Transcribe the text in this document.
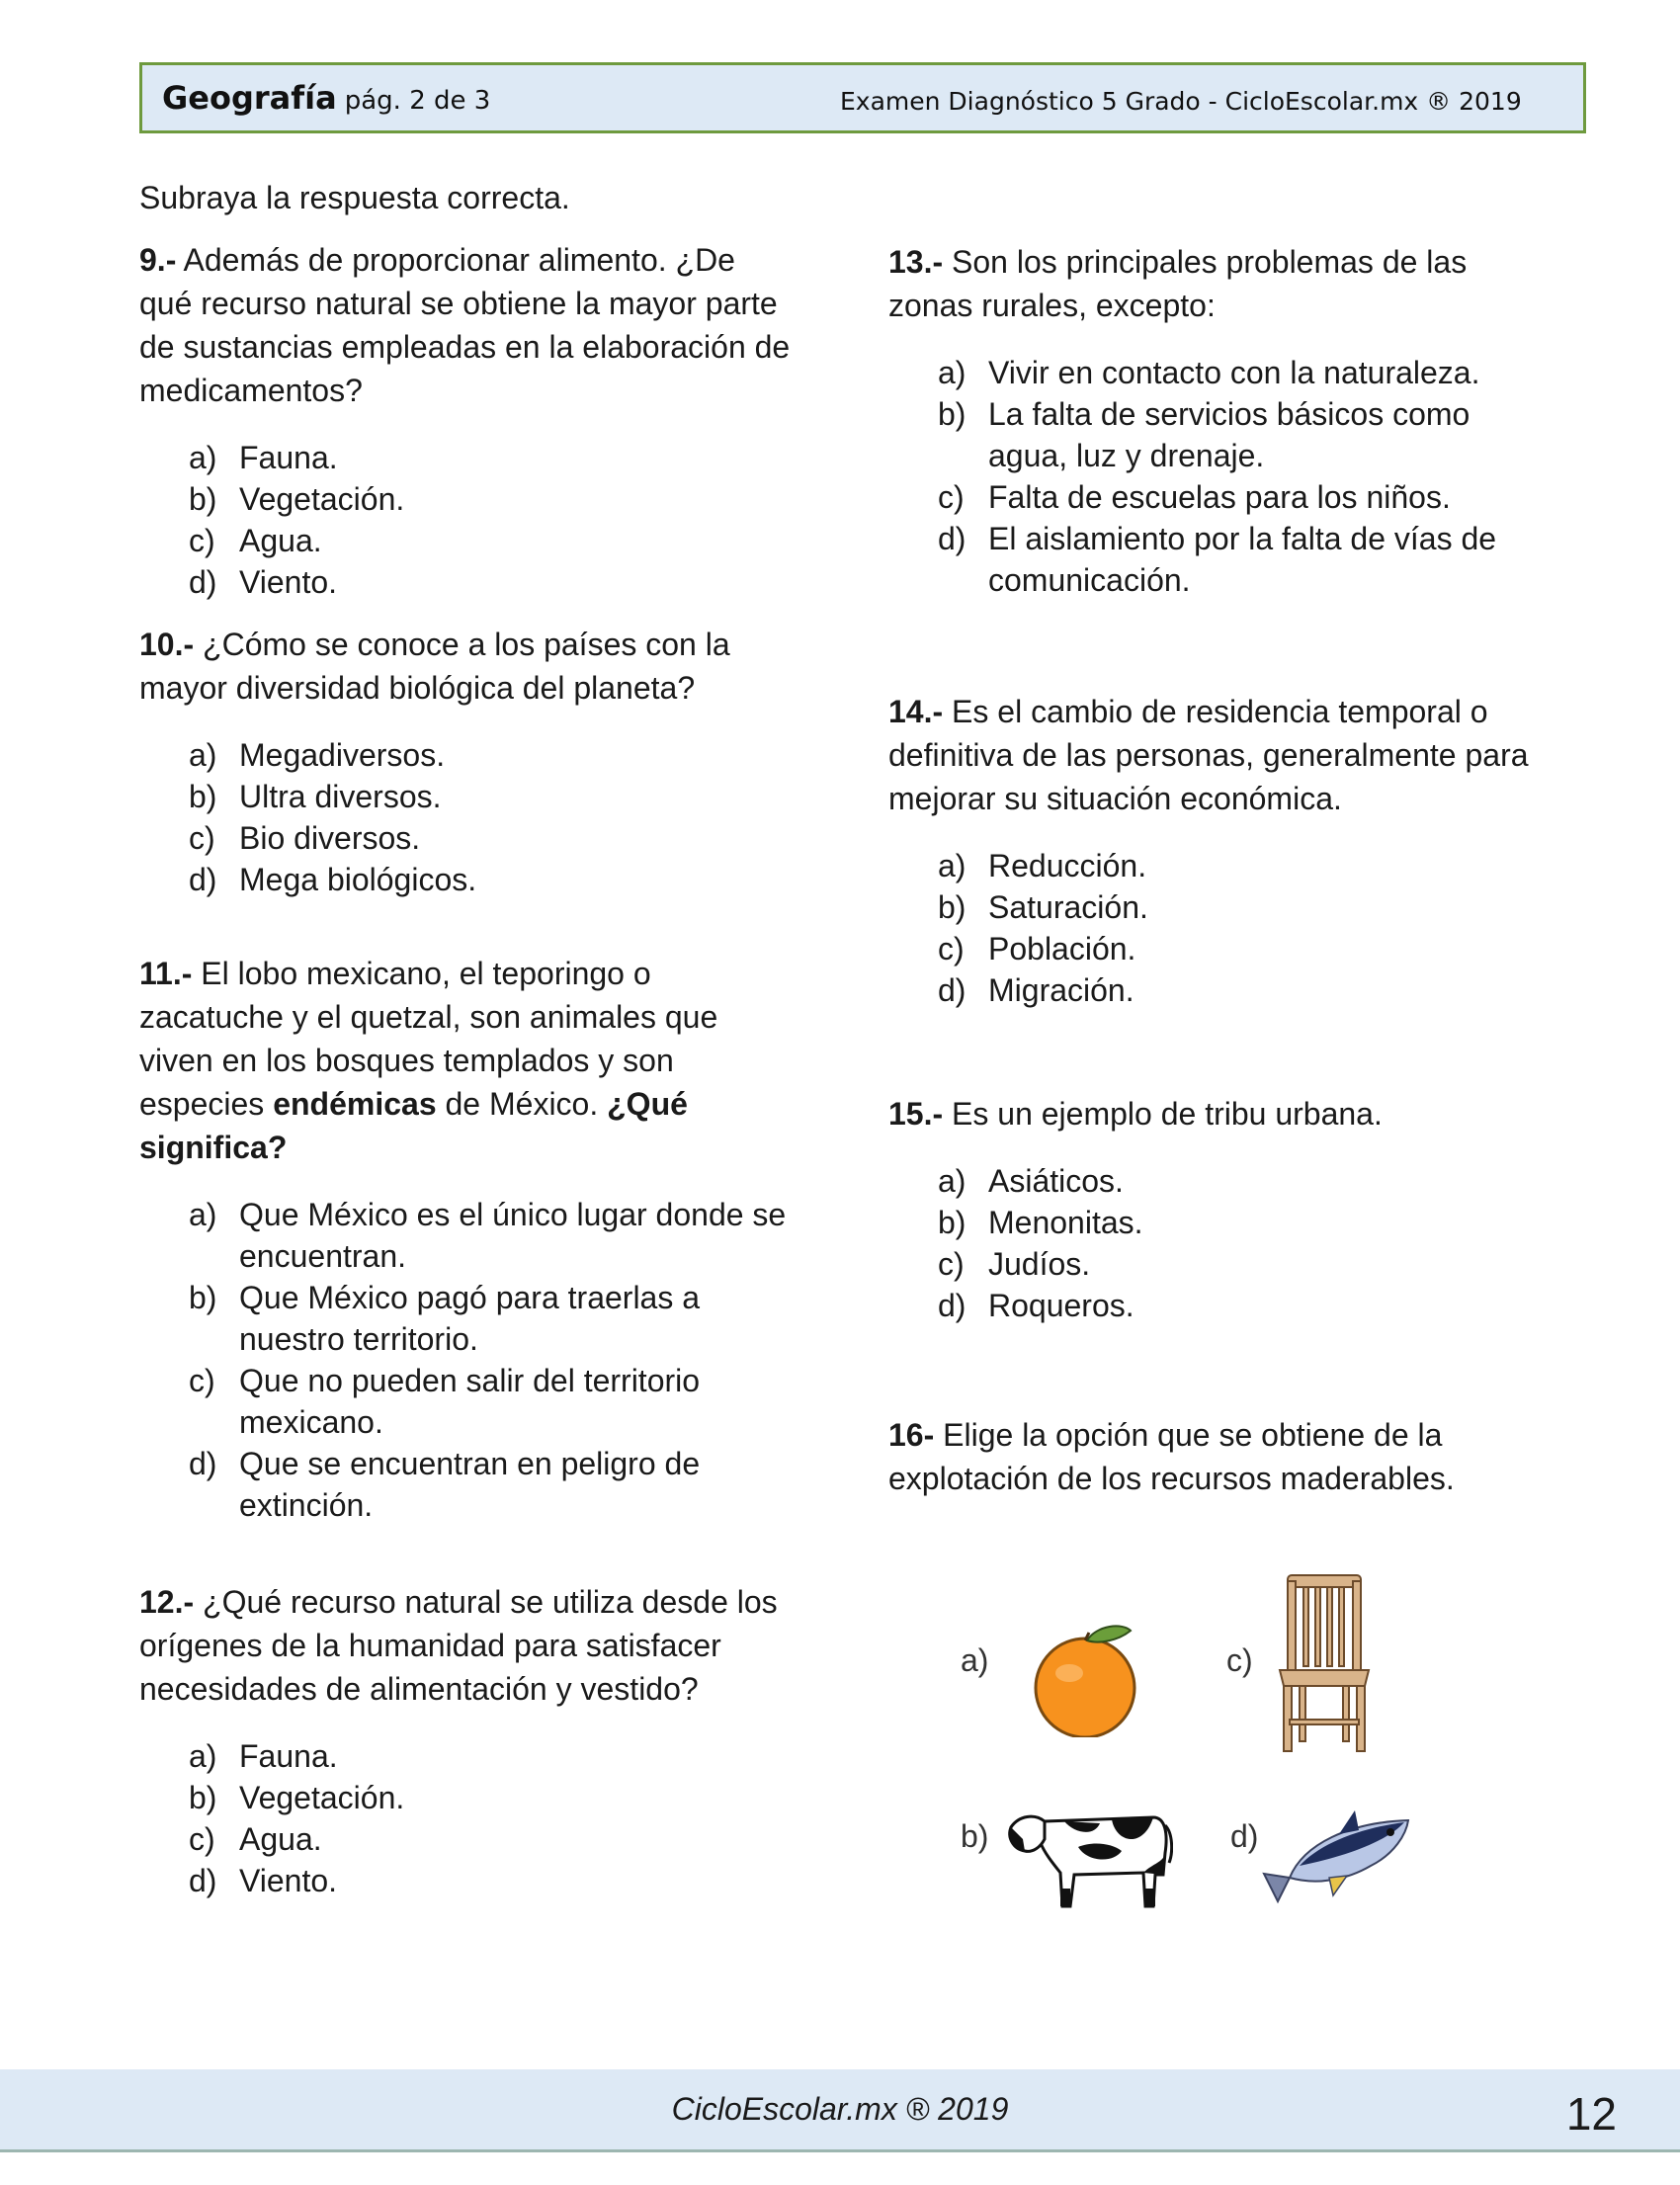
Geografía pág. 2 de 3	Examen Diagnóstico 5 Grado - CicloEscolar.mx ® 2019

Subraya la respuesta correcta.

9.- Además de proporcionar alimento. ¿De qué recurso natural se obtiene la mayor parte de sustancias empleadas en la elaboración de medicamentos?

a) Fauna.
b) Vegetación.
c) Agua.
d) Viento.

10.- ¿Cómo se conoce a los países con la mayor diversidad biológica del planeta?

a) Megadiversos.
b) Ultra diversos.
c) Bio diversos.
d) Mega biológicos.

11.- El lobo mexicano, el teporingo o zacatuche y el quetzal, son animales que viven en los bosques templados y son especies endémicas de México. ¿Qué significa?

a) Que México es el único lugar donde se encuentran.
b) Que México pagó para traerlas a nuestro territorio.
c) Que no pueden salir del territorio mexicano.
d) Que se encuentran en peligro de extinción.

12.- ¿Qué recurso natural se utiliza desde los orígenes de la humanidad para satisfacer necesidades de alimentación y vestido?

a) Fauna.
b) Vegetación.
c) Agua.
d) Viento.

13.- Son los principales problemas de las zonas rurales, excepto:

a) Vivir en contacto con la naturaleza.
b) La falta de servicios básicos como agua, luz y drenaje.
c) Falta de escuelas para los niños.
d) El aislamiento por la falta de vías de comunicación.

14.- Es el cambio de residencia temporal o definitiva de las personas, generalmente para mejorar su situación económica.

a) Reducción.
b) Saturación.
c) Población.
d) Migración.

15.- Es un ejemplo de tribu urbana.

a) Asiáticos.
b) Menonitas.
c) Judíos.
d) Roqueros.

16- Elige la opción que se obtiene de la explotación de los recursos maderables.

a)	c)
b)	d)
CicloEscolar.mx ® 2019	12
